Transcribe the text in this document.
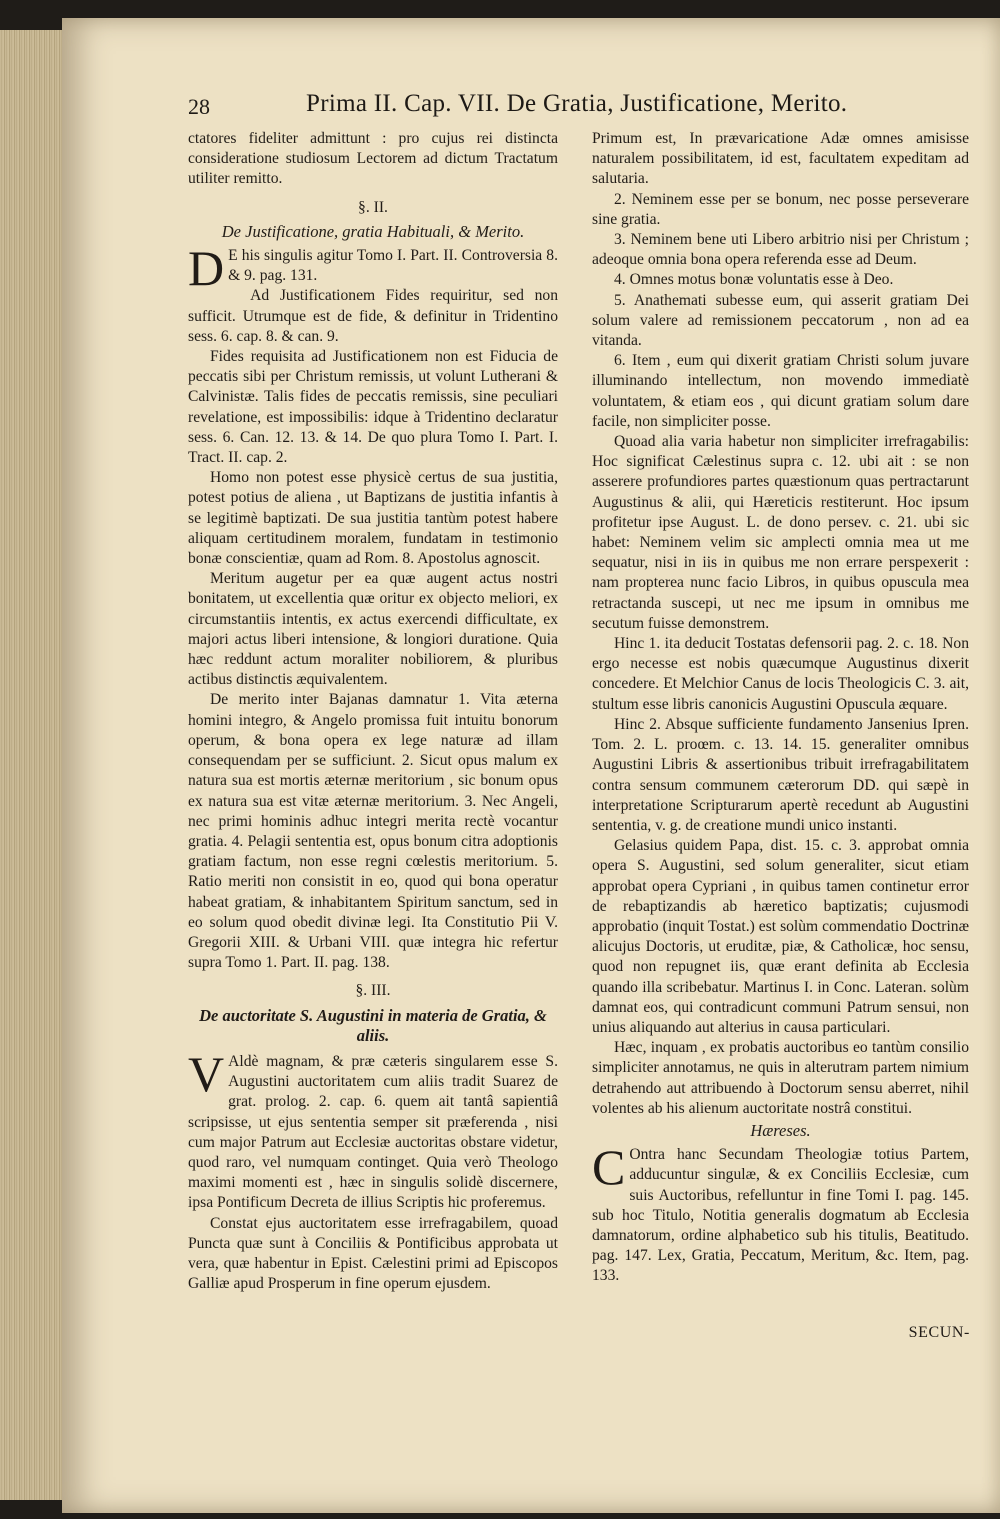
28	Prima II. Cap. VII. De Gratia, Justificatione, Merito.

ctatores fideliter admittunt : pro cujus rei distincta consideratione studiosum Lectorem ad dictum Tractatum utiliter remitto.

§. II.
De Justificatione, gratia Habituali, & Merito.

D E his singulis agitur Tomo I. Part. II. Controversia 8. & 9. pag. 131.

Ad Justificationem Fides requiritur, sed non sufficit. Utrumque est de fide, & definitur in Tridentino sess. 6. cap. 8. & can. 9.

Fides requisita ad Justificationem non est Fiducia de peccatis sibi per Christum remissis, ut volunt Lutherani & Calvinistæ. Talis fides de peccatis remissis, sine peculiari revelatione, est impossibilis: idque à Tridentino declaratur sess. 6. Can. 12. 13. & 14. De quo plura Tomo I. Part. I. Tract. II. cap. 2.

Homo non potest esse physicè certus de sua justitia, potest potius de aliena , ut Baptizans de justitia infantis à se legitimè baptizati. De sua justitia tantùm potest habere aliquam certitudinem moralem, fundatam in testimonio bonæ conscientiæ, quam ad Rom. 8. Apostolus agnoscit.

Meritum augetur per ea quæ augent actus nostri bonitatem, ut excellentia quæ oritur ex objecto meliori, ex circumstantiis intentis, ex actus exercendi difficultate, ex majori actus liberi intensione, & longiori duratione. Quia hæc reddunt actum moraliter nobiliorem, & pluribus actibus distinctis æquivalentem.

De merito inter Bajanas damnatur 1. Vita æterna homini integro, & Angelo promissa fuit intuitu bonorum operum, & bona opera ex lege naturæ ad illam consequendam per se sufficiunt. 2. Sicut opus malum ex natura sua est mortis æternæ meritorium , sic bonum opus ex natura sua est vitæ æternæ meritorium. 3. Nec Angeli, nec primi hominis adhuc integri merita rectè vocantur gratia. 4. Pelagii sententia est, opus bonum citra adoptionis gratiam factum, non esse regni cœlestis meritorium. 5. Ratio meriti non consistit in eo, quod qui bona operatur habeat gratiam, & inhabitantem Spiritum sanctum, sed in eo solum quod obedit divinæ legi. Ita Constitutio Pii V. Gregorii XIII. & Urbani VIII. quæ integra hic refertur supra Tomo 1. Part. II. pag. 138.

§. III.
De auctoritate S. Augustini in materia de Gratia, & aliis.

V Aldè magnam, & præ cæteris singularem esse S. Augustini auctoritatem cum aliis tradit Suarez de grat. prolog. 2. cap. 6. quem ait tantâ sapientiâ scripsisse, ut ejus sententia semper sit præferenda , nisi cum major Patrum aut Ecclesiæ auctoritas obstare videtur, quod raro, vel numquam continget. Quia verò Theologo maximi momenti est , hæc in singulis solidè discernere, ipsa Pontificum Decreta de illius Scriptis hic proferemus.

Constat ejus auctoritatem esse irrefragabilem, quoad Puncta quæ sunt à Conciliis & Pontificibus approbata ut vera, quæ habentur in Epist. Cælestini primi ad Episcopos Galliæ apud Prosperum in fine operum ejusdem.

Primum est, In prævaricatione Adæ omnes amisisse naturalem possibilitatem, id est, facultatem expeditam ad salutaria.

2. Neminem esse per se bonum, nec posse perseverare sine gratia.

3. Neminem bene uti Libero arbitrio nisi per Christum ; adeoque omnia bona opera referenda esse ad Deum.

4. Omnes motus bonæ voluntatis esse à Deo.

5. Anathemati subesse eum, qui asserit gratiam Dei solum valere ad remissionem peccatorum , non ad ea vitanda.

6. Item , eum qui dixerit gratiam Christi solum juvare illuminando intellectum, non movendo immediatè voluntatem, & etiam eos , qui dicunt gratiam solum dare facile, non simpliciter posse.

Quoad alia varia habetur non simpliciter irrefragabilis: Hoc significat Cælestinus supra c. 12. ubi ait : se non asserere profundiores partes quæstionum quas pertractarunt Augustinus & alii, qui Hæreticis restiterunt. Hoc ipsum profitetur ipse August. L. de dono persev. c. 21. ubi sic habet: Neminem velim sic amplecti omnia mea ut me sequatur, nisi in iis in quibus me non errare perspexerit : nam propterea nunc facio Libros, in quibus opuscula mea retractanda suscepi, ut nec me ipsum in omnibus me secutum fuisse demonstrem.

Hinc 1. ita deducit Tostatas defensorii pag. 2. c. 18. Non ergo necesse est nobis quæcumque Augustinus dixerit concedere. Et Melchior Canus de locis Theologicis C. 3. ait, stultum esse libris canonicis Augustini Opuscula æquare.

Hinc 2. Absque sufficiente fundamento Jansenius Ipren. Tom. 2. L. proœm. c. 13. 14. 15. generaliter omnibus Augustini Libris & assertionibus tribuit irrefragabilitatem contra sensum communem cæterorum DD. qui sæpè in interpretatione Scripturarum apertè recedunt ab Augustini sententia, v. g. de creatione mundi unico instanti.

Gelasius quidem Papa, dist. 15. c. 3. approbat omnia opera S. Augustini, sed solum generaliter, sicut etiam approbat opera Cypriani , in quibus tamen continetur error de rebaptizandis ab hæretico baptizatis; cujusmodi approbatio (inquit Tostat.) est solùm commendatio Doctrinæ alicujus Doctoris, ut eruditæ, piæ, & Catholicæ, hoc sensu, quod non repugnet iis, quæ erant definita ab Ecclesia quando illa scribebatur. Martinus I. in Conc. Lateran. solùm damnat eos, qui contradicunt communi Patrum sensui, non unius aliquando aut alterius in causa particulari.

Hæc, inquam , ex probatis auctoribus eo tantùm consilio simpliciter annotamus, ne quis in alterutram partem nimium detrahendo aut attribuendo à Doctorum sensu aberret, nihil volentes ab his alienum auctoritate nostrâ constitui.

Hæreses.

C Ontra hanc Secundam Theologiæ totius Partem, adducuntur singulæ, & ex Conciliis Ecclesiæ, cum suis Auctoribus, refelluntur in fine Tomi I. pag. 145. sub hoc Titulo, Notitia generalis dogmatum ab Ecclesia damnatorum, ordine alphabetico sub his titulis, Beatitudo. pag. 147. Lex, Gratia, Peccatum, Meritum, &c. Item, pag. 133.

SECUN-
